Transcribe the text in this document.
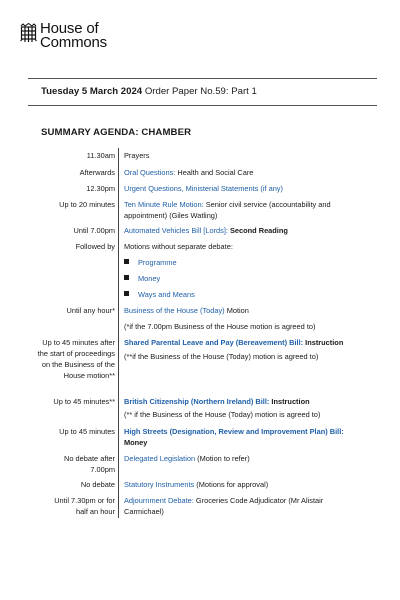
House of
Commons
Tuesday 5 March 2024 Order Paper No.59: Part 1
SUMMARY AGENDA: CHAMBER
11.30am Prayers
Afterwards Oral Questions: Health and Social Care
12.30pm Urgent Questions, Ministerial Statements (if any)
Up to 20 minutes Ten Minute Rule Motion: Senior civil service (accountability and appointment) (Giles Watling)
Until 7.00pm Automated Vehicles Bill [Lords]: Second Reading
Followed by Motions without separate debate:
Programme
Money
Ways and Means
Until any hour* Business of the House (Today) Motion
(*if the 7.00pm Business of the House motion is agreed to)
Up to 45 minutes after the start of proceedings on the Business of the House motion**
Shared Parental Leave and Pay (Bereavement) Bill: Instruction
(**if the Business of the House (Today) motion is agreed to)
Up to 45 minutes** British Citizenship (Northern Ireland) Bill: Instruction
(** if the Business of the House (Today) motion is agreed to)
Up to 45 minutes High Streets (Designation, Review and Improvement Plan) Bill: Money
No debate after 7.00pm
Delegated Legislation (Motion to refer)
No debate Statutory Instruments (Motions for approval)
Until 7.30pm or for half an hour
Adjournment Debate: Groceries Code Adjudicator (Mr Alistair Carmichael)
